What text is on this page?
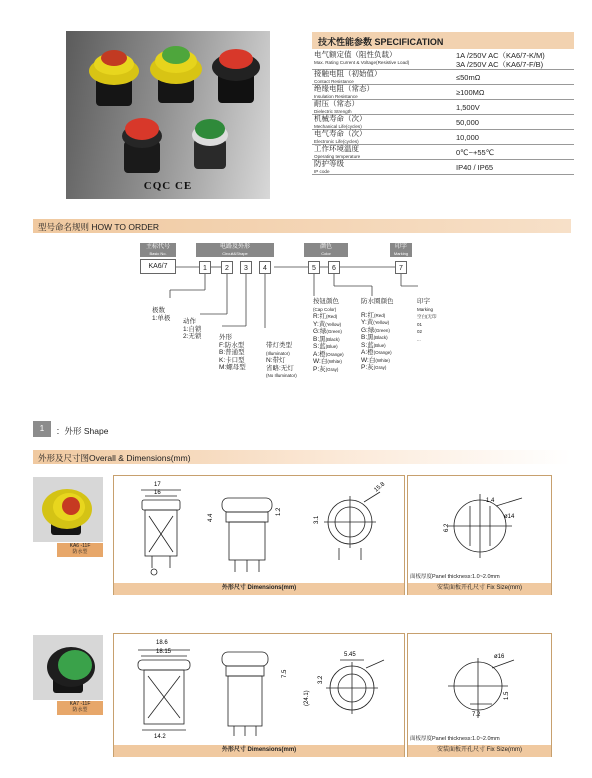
CQC CE
技术性能参数 SPECIFICATION
电气额定值（阻性负载）
Max. Rating Current & Voltage(Resistive Load)
1A /250V AC（KA6/7-K/M)
3A /250V AC（KA6/7-F/B)
接触电阻（初始值）
Contact Resistance	≤50mΩ
绝缘电阻（常态）
Insulation Resistance	≥100MΩ
耐压（常态）
Dielectric Strength	1,500V
机械寿命（次）
Mechanical Life(cycles)	50,000
电气寿命（次）
Electronic Life(cycles)	10,000
工作环境温度
Operating temperature	0℃~+55℃
防护等级
IP code	IP40 / IP65
型号命名规则 HOW TO ORDER
主标代号
Basic No.
电路及外形
Circuit&Shape
颜色
Color
印字
Marking
KA6/7	1	2	3	4	5	6	7
极数
1:单极 动作
1:自锁
2:无锁	外形
F:防水型
B:普通型
K:卡口型
M:螺母型
带灯类型
(Illuminator)
N:带灯
省略:无灯
(No Illuminator)
按钮颜色
(Cap Color)
R:红(Red)
Y:黄(Yellow)
G:绿(Green)
B:黑(Black)
S:蓝(Blue)
A:橙(Orange)
W:白(White)
P:灰(Gray)
防水圈颜色
R:红(Red)
Y:黄(Yellow)
G:绿(Green)
B:黑(Black)
S:蓝(Blue)
A:橙(Orange)
W:白(White)
P:灰(Gray)
印字
Marking
空白(无印
01
02
...
1	：外形 Shape
外形及尺寸图Overall & Dimensions(mm)
KA6 -11F
防水型
17
16
4.4
1.2
3.1
15.8
外形尺寸 Dimensions(mm)
1.4
ø14
6.2
面板厚度Panel thickness:1.0~2.0mm
安装面板开孔尺寸 Fix Size(mm)
KA7 -11F
防水型
18.6
18.15
14.2
7.5
(24.1)
3.2
5.45
外形尺寸 Dimensions(mm)
ø16
7.2
1.5
面板厚度Panel thickness:1.0~2.0mm
安装面板开孔尺寸 Fix Size(mm)
